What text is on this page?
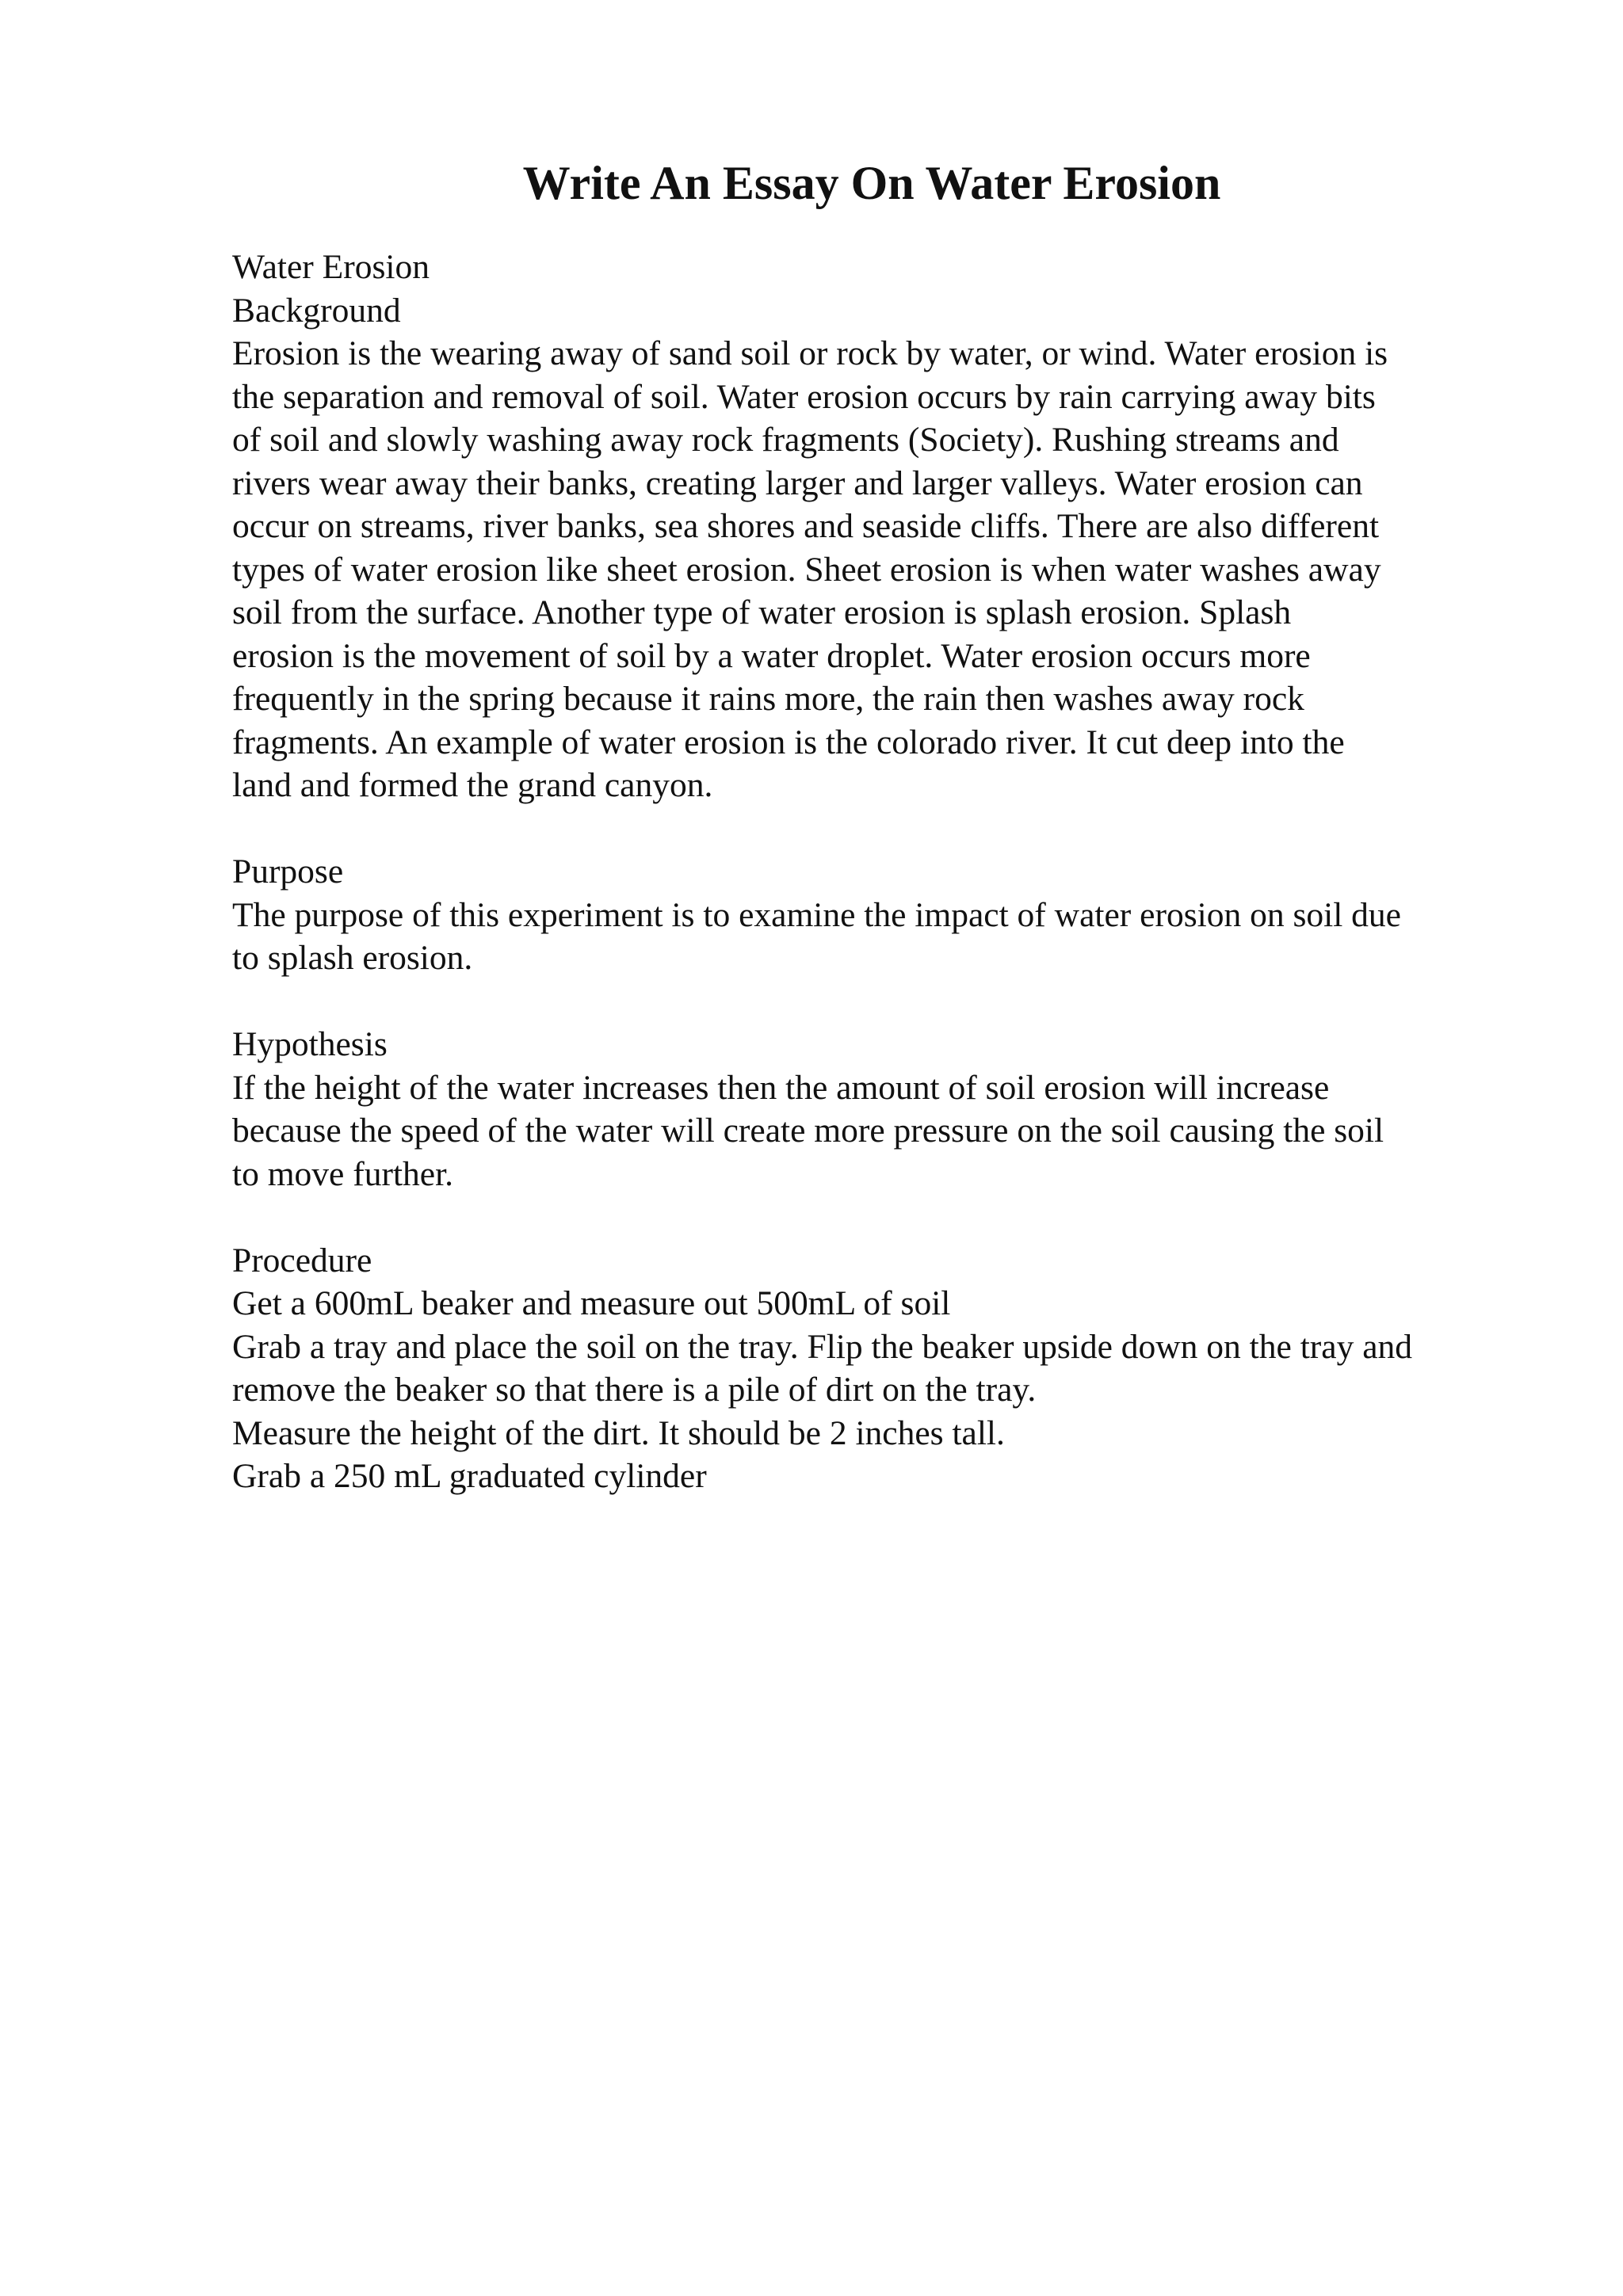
Write An Essay On Water Erosion
Water Erosion
Background
Erosion is the wearing away of sand soil or rock by water, or wind. Water erosion is
the separation and removal of soil. Water erosion occurs by rain carrying away bits
of soil and slowly washing away rock fragments (Society). Rushing streams and
rivers wear away their banks, creating larger and larger valleys. Water erosion can
occur on streams, river banks, sea shores and seaside cliffs. There are also different
types of water erosion like sheet erosion. Sheet erosion is when water washes away
soil from the surface. Another type of water erosion is splash erosion. Splash
erosion is the movement of soil by a water droplet. Water erosion occurs more
frequently in the spring because it rains more, the rain then washes away rock
fragments. An example of water erosion is the colorado river. It cut deep into the
land and formed the grand canyon.
Purpose
The purpose of this experiment is to examine the impact of water erosion on soil due
to splash erosion.
Hypothesis
If the height of the water increases then the amount of soil erosion will increase
because the speed of the water will create more pressure on the soil causing the soil
to move further.
Procedure
Get a 600mL beaker and measure out 500mL of soil
Grab a tray and place the soil on the tray. Flip the beaker upside down on the tray and
remove the beaker so that there is a pile of dirt on the tray.
Measure the height of the dirt. It should be 2 inches tall.
Grab a 250 mL graduated cylinder
